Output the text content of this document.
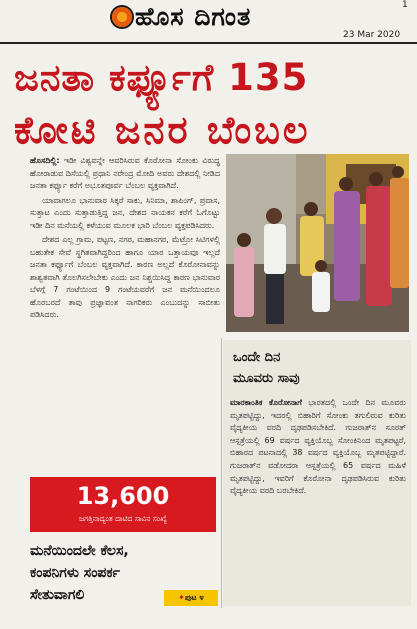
ಹೊಸ ದಿಗಂತ	1
23 Mar 2020
ಜನತಾ ಕರ್ಫ್ಯೂಗೆ 135
ಕೋಟಿ ಜನರ ಬೆಂಬಲ

ಹೊಸದಿಲ್ಲಿ: ಇಡೀ ವಿಶ್ವವನ್ನೇ ಆವರಿಸಿರುವ ಕೊರೋನಾ ಸೋಂಕು ವಿರುದ್ಧ ಹೋರಾಡುವ ದಿಸೆಯಲ್ಲಿ ಪ್ರಧಾನಿ ನರೇಂದ್ರ ಮೋದಿ ಅವರು ದೇಶದಲ್ಲಿ ನೀಡಿದ ಜನತಾ ಕರ್ಫ್ಯೂ ಕರೆಗೆ ಅಭೂತಪೂರ್ವ ಬೆಂಬಲ ವ್ಯಕ್ತವಾಗಿದೆ.

ಯಾವಾಗಲೂ ಭಾನುವಾರ ಸಿಕ್ಕರೆ ಸಾಕು, ಸಿನಿಮಾ, ಶಾಪಿಂಗ್, ಪ್ರವಾಸ, ಸುತ್ತಾಟ ಎಂದು ಸುತ್ತಾಡುತ್ತಿದ್ದ ಜನ, ದೇಶದ ನಾಯಕನ ಕರೆಗೆ ಓಗೊಟ್ಟು ಇಡೀ ದಿನ ಮನೆಯಲ್ಲಿ ಕಳೆಯುವ ಮೂಲಕ ಭಾರಿ ಬೆಂಬಲ ವ್ಯಕ್ತಪಡಿಸಿದರು.

ದೇಶದ ಎಲ್ಲ ಗ್ರಾಮ, ಪಟ್ಟಣ, ನಗರ, ಮಹಾನಗರ, ಮೆಟ್ರೋ ಸಿಟಿಗಳಲ್ಲಿ ಬಹುತೇಕ ಸೇವೆ ಸ್ಥಗಿತವಾಗಿದ್ದರಿಂದ ಹಾಗೂ ಯಾರ ಒತ್ತಾಯವೂ ಇಲ್ಲದೆ ಜನತಾ ಕರ್ಫ್ಯೂಗೆ ಬೆಂಬಲ ವ್ಯಕ್ತವಾಗಿದೆ. ಕಾರಣ ಅಲ್ಲದೆ ಕೊರೋನಾವನ್ನು ಶಾಶ್ವತವಾಗಿ ತೊಲಗಿಸಲೇಬೇಕು ಎಂದು ಜನ ನಿಶ್ಚಯಿಸಿದ್ದ ಕಾರಣ ಭಾನುವಾರ ಬೆಳಗ್ಗೆ 7 ಗಂಟೆಯಿಂದ 9 ಗಂಟೆಯವರೆಗೆ ಜನ ಮನೆಯಿಂದಲೂ ಹೊರಬರದೆ ತಾವು ಪ್ರಜ್ಞಾವಂತ ನಾಗರಿಕರು ಎಂಬುದನ್ನು ಸಾಬೀತು ಪಡಿಸಿದರು.

13,600
ಜಗತ್ತಿನಾದ್ಯಂತ ದಾಟಿದ ಸಾವಿನ ಸಂಖ್ಯೆ
ಮನೆಯಿಂದಲೇ ಕೆಲಸ,
ಕಂಪನಿಗಳು ಸಂಪರ್ಕ
ಸೇತುವಾಗಲಿ	✦ಪುಟ ೪
ಒಂದೇ ದಿನ
ಮೂವರು ಸಾವು
ಮಾರಕಾಂತಿಕ ಕೊರೋನಾಗೆ ಭಾರತದಲ್ಲಿ ಒಂದೇ ದಿನ ಮೂವರು ಮೃತಪಟ್ಟಿದ್ದು, ಇದರಲ್ಲಿ ಬಿಹಾರಿಗೆ ಸೋಂಕು ತಗುಲಿರುವ ಕುರಿತು ವೈದ್ಯಕೀಯ ವರದಿ ದೃಢಪಡಿಸಬೇಕಿದೆ. ಗುಜರಾತ್‌ನ ಸೂರತ್ ಆಸ್ಪತ್ರೆಯಲ್ಲಿ 69 ವರ್ಷದ ವ್ಯಕ್ತಿಯೊಬ್ಬ ಸೋಂಕಿನಿಂದ ಮೃತಪಟ್ಟರೆ, ಬಿಹಾರದ ಪಟನಾದಲ್ಲಿ 38 ವರ್ಷದ ವ್ಯಕ್ತಿಯೊಬ್ಬ ಮೃತಪಟ್ಟಿದ್ದಾರೆ. ಗುಜರಾತ್‌ನ ವಡೋದರಾ ಆಸ್ಪತ್ರೆಯಲ್ಲಿ 65 ವರ್ಷದ ಮಹಿಳೆ ಮೃತಪಟ್ಟಿದ್ದು, ಇವರಿಗೆ ಕೊರೋನಾ ದೃಢಪಡಿಸಿರುವ ಕುರಿತು ವೈದ್ಯಕೀಯ ವರದಿ ಬರಬೇಕಿದೆ.
